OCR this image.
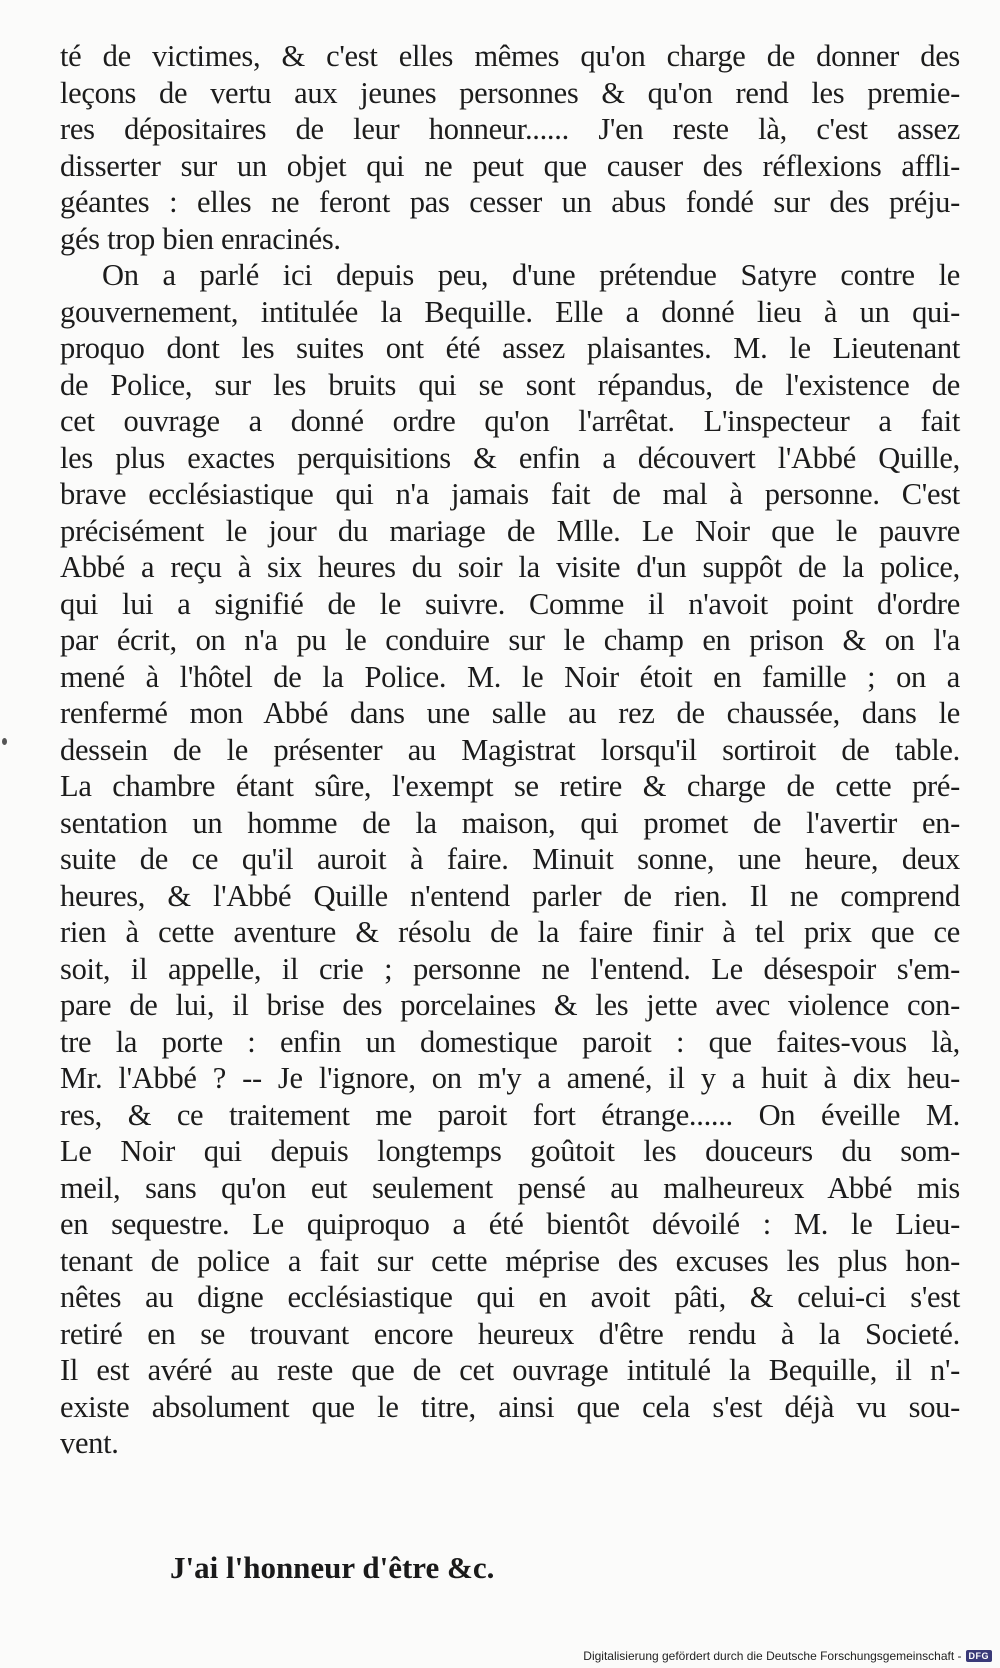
té de victimes, & c'est elles mêmes qu'on charge de donner des
leçons de vertu aux jeunes personnes & qu'on rend les premie-
res dépositaires de leur honneur...... J'en reste là, c'est assez
disserter sur un objet qui ne peut que causer des réflexions affli-
géantes : elles ne feront pas cesser un abus fondé sur des préju-
gés trop bien enracinés.
On a parlé ici depuis peu, d'une prétendue Satyre contre le
gouvernement, intitulée la Bequille. Elle a donné lieu à un qui-
proquo dont les suites ont été assez plaisantes. M. le Lieutenant
de Police, sur les bruits qui se sont répandus, de l'existence de
cet ouvrage a donné ordre qu'on l'arrêtat. L'inspecteur a fait
les plus exactes perquisitions & enfin a découvert l'Abbé Quille,
brave ecclésiastique qui n'a jamais fait de mal à personne. C'est
précisément le jour du mariage de Mlle. Le Noir que le pauvre
Abbé a reçu à six heures du soir la visite d'un suppôt de la police,
qui lui a signifié de le suivre. Comme il n'avoit point d'ordre
par écrit, on n'a pu le conduire sur le champ en prison & on l'a
mené à l'hôtel de la Police. M. le Noir étoit en famille ; on a
renfermé mon Abbé dans une salle au rez de chaussée, dans le
dessein de le présenter au Magistrat lorsqu'il sortiroit de table.
La chambre étant sûre, l'exempt se retire & charge de cette pré-
sentation un homme de la maison, qui promet de l'avertir en-
suite de ce qu'il auroit à faire. Minuit sonne, une heure, deux
heures, & l'Abbé Quille n'entend parler de rien. Il ne comprend
rien à cette aventure & résolu de la faire finir à tel prix que ce
soit, il appelle, il crie ; personne ne l'entend. Le désespoir s'em-
pare de lui, il brise des porcelaines & les jette avec violence con-
tre la porte : enfin un domestique paroit : que faites-vous là,
Mr. l'Abbé ? -- Je l'ignore, on m'y a amené, il y a huit à dix heu-
res, & ce traitement me paroit fort étrange...... On éveille M.
Le Noir qui depuis longtemps goûtoit les douceurs du som-
meil, sans qu'on eut seulement pensé au malheureux Abbé mis
en sequestre. Le quiproquo a été bientôt dévoilé : M. le Lieu-
tenant de police a fait sur cette méprise des excuses les plus hon-
nêtes au digne ecclésiastique qui en avoit pâti, & celui-ci s'est
retiré en se trouvant encore heureux d'être rendu à la Societé.
Il est avéré au reste que de cet ouvrage intitulé la Bequille, il n'-
existe absolument que le titre, ainsi que cela s'est déjà vu sou-
vent.
J'ai l'honneur d'être &c.
Digitalisierung gefördert durch die Deutsche Forschungsgemeinschaft - DFG
